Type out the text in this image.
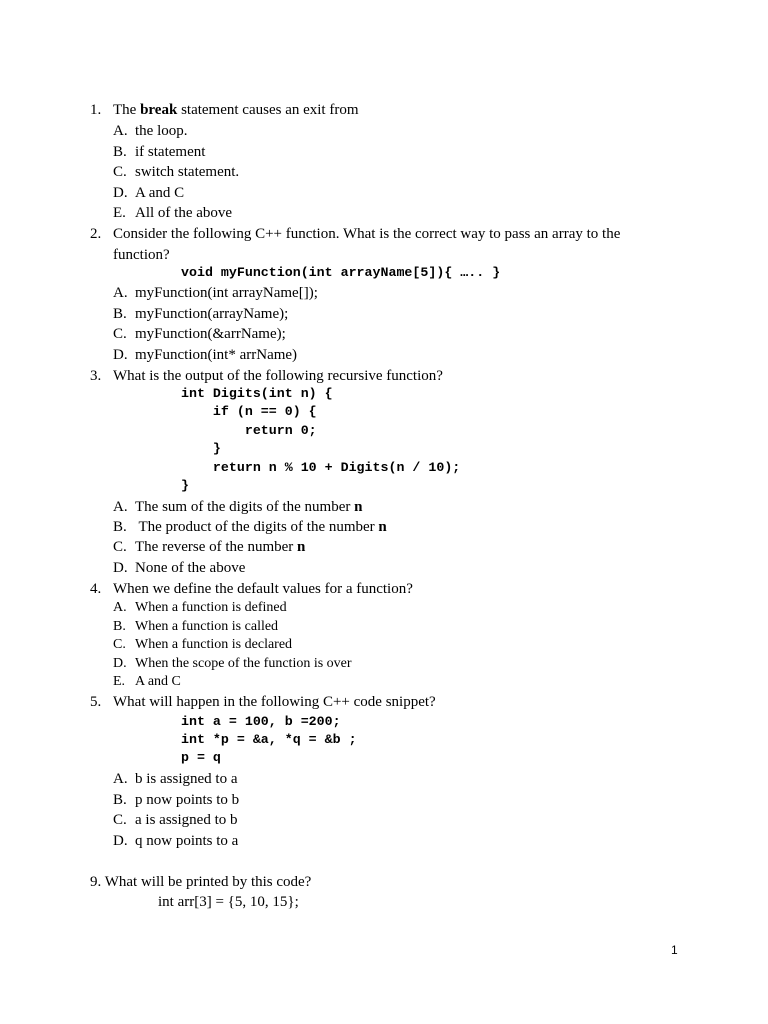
1. The break statement causes an exit from
A. the loop.
B. if statement
C. switch statement.
D. A and C
E. All of the above
2. Consider the following C++ function. What is the correct way to pass an array to the
function?
void myFunction(int arrayName[5]){ ….. }
A. myFunction(int arrayName[]);
B. myFunction(arrayName);
C. myFunction(&arrName);
D. myFunction(int* arrName)
3. What is the output of the following recursive function?
int Digits(int n) {
if (n == 0) {
return 0;
}
return n % 10 + Digits(n / 10);
}
A. The sum of the digits of the number n
B. The product of the digits of the number n
C. The reverse of the number n
D. None of the above
4. When we define the default values for a function?
A. When a function is defined
B. When a function is called
C. When a function is declared
D. When the scope of the function is over
E. A and C
5. What will happen in the following C++ code snippet?
int a = 100, b =200;
int *p = &a, *q = &b ;
p = q
A. b is assigned to a
B. p now points to b
C. a is assigned to b
D. q now points to a
9. What will be printed by this code?
int arr[3] = {5, 10, 15};
1
